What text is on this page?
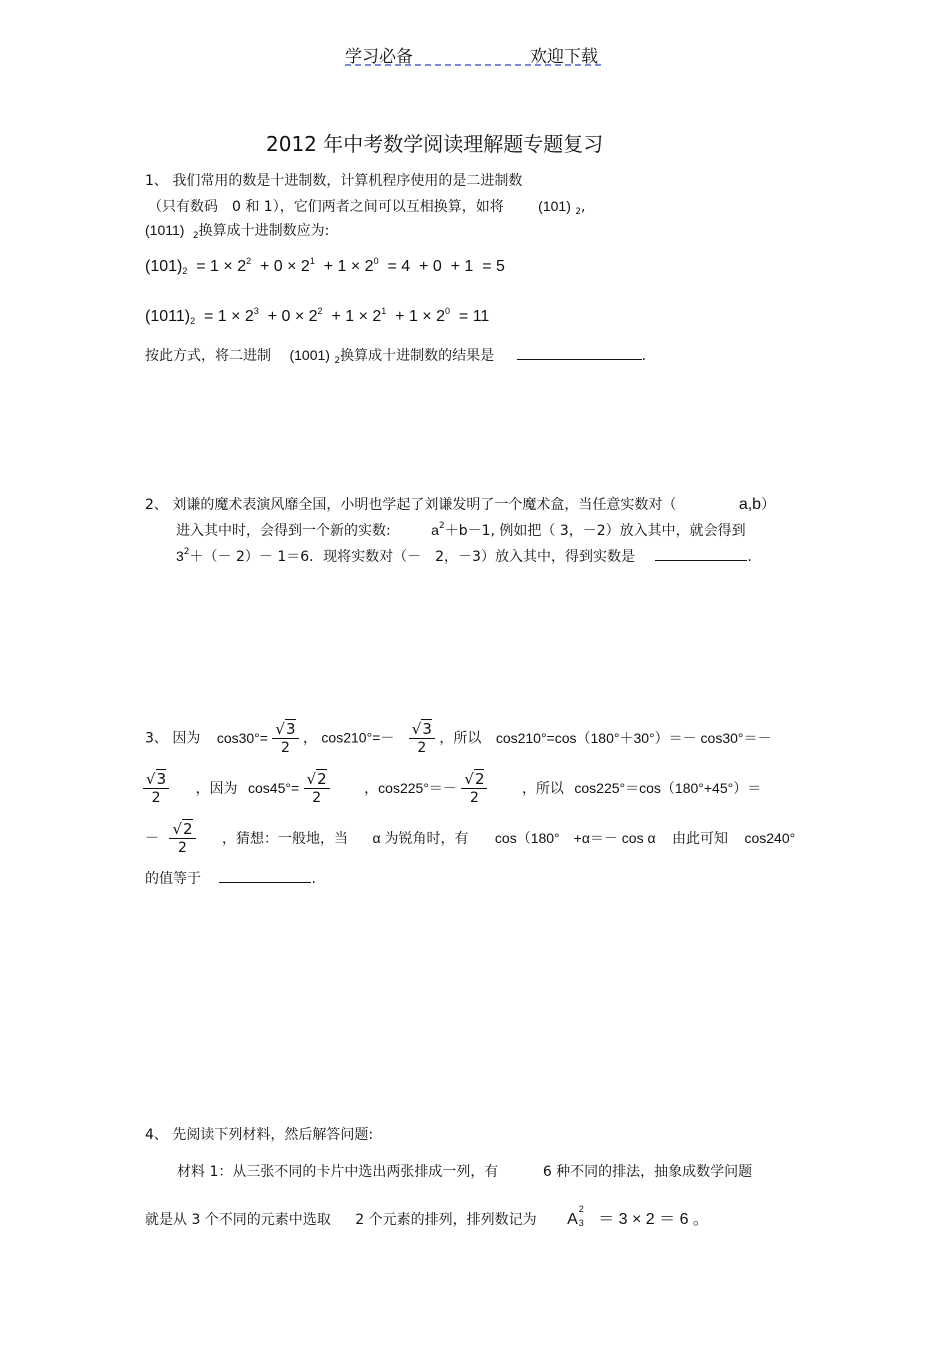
学习必备	欢迎下载
2012 年中考数学阅读理解题专题复习
1、 我们常用的数是十进制数，计算机程序使用的是二进制数
（只有数码　0 和 1），它们两者之间可以互相换算，如将 (101) $_2$,
(1011) $_2$换算成十进制数应为:
$(101)_2 = 1 \times 2^2 + 0 \times 2^1 + 1 \times 2^0 = 4 + 0 + 1 = 5$
$(1011)_2 = 1 \times 2^3 + 0 \times 2^2 + 1 \times 2^1 + 1 \times 2^0 = 11$
按此方式，将二进制 (1001) $_2$换算成十进制数的结果是	.
2、 刘谦的魔术表演风靡全国，小明也学起了刘谦发明了一个魔术盒，当任意实数对（	a,b）
进入其中时，会得到一个新的实数:	$a^2+b-1$, 例如把（ 3，－2）放入其中，就会得到
$3^2+(- 2)- 1=6$．现将实数对（－　2，－3）放入其中，得到实数是	.
3、 因为 $\cos 30^\circ= \frac{√3}{2}$ ， $\cos 210^\circ=- \frac{√3}{2}$ ，所以 cos210°=cos（180°＋30°）＝－ cos30°＝－
$\frac{√3}{2}$ ，因为 $\cos 45^\circ= \frac{√2}{2}$ ，$\cos 225^\circ=- \frac{√2}{2}$ ，所以 cos225°＝cos（180°+45°）＝
－ $\frac{√2}{2}$ ，猜想：一般地，当 α 为锐角时，有 cos（180°　+α＝－ cos α 由此可知 cos240°
的值等于	.
4、 先阅读下列材料，然后解答问题:
材料 1：从三张不同的卡片中选出两张排成一列，有	6 种不同的排法，抽象成数学问题
就是从 3 个不同的元素中选取 2 个元素的排列，排列数记为 A
2
3 ＝ 3 × 2 ＝ 6 。
